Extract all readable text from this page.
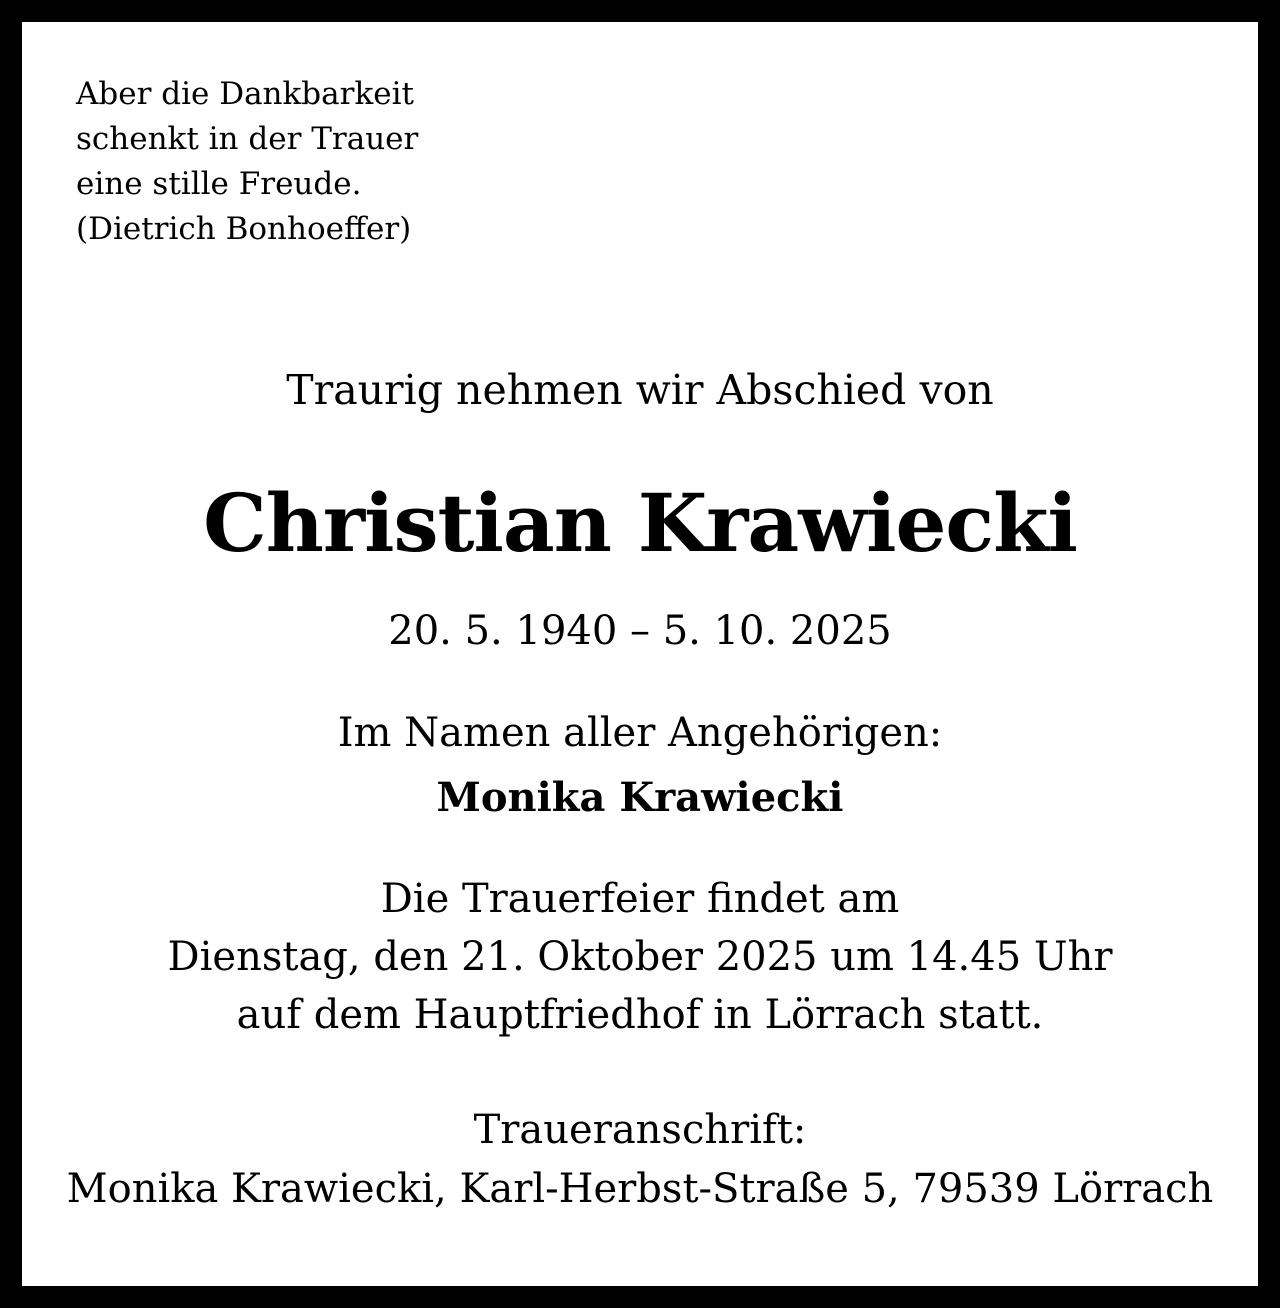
Aber die Dankbarkeit
schenkt in der Trauer
eine stille Freude.
(Dietrich Bonhoeffer)
Traurig nehmen wir Abschied von
Christian Krawiecki
20. 5. 1940 – 5. 10. 2025
Im Namen aller Angehörigen:
Monika Krawiecki
Die Trauerfeier findet am
Dienstag, den 21. Oktober 2025 um 14.45 Uhr
auf dem Hauptfriedhof in Lörrach statt.
Traueranschrift:
Monika Krawiecki, Karl-Herbst-Straße 5, 79539 Lörrach
